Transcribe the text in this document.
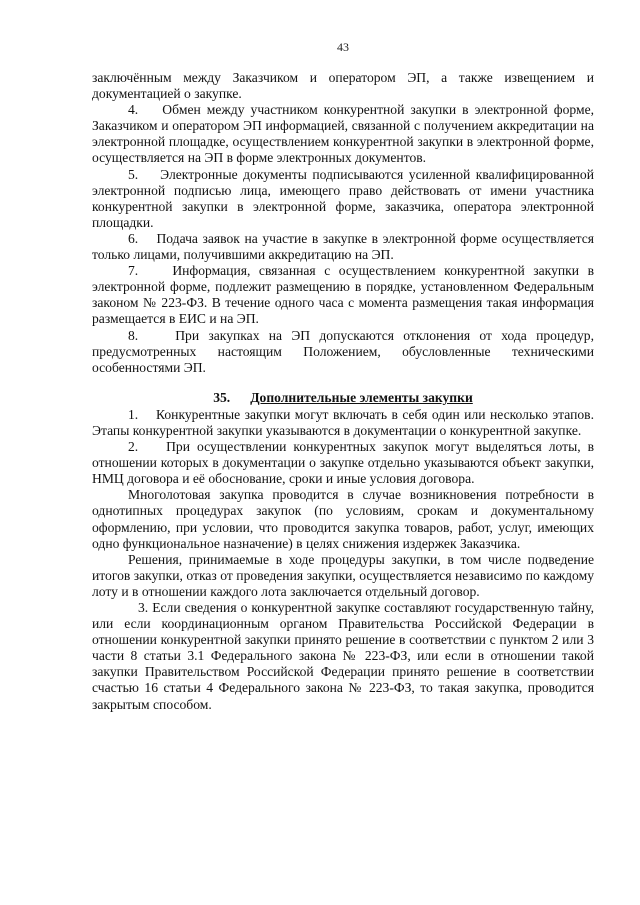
43

заключённым между Заказчиком и оператором ЭП, а также извещением и документацией о закупке.

4.    Обмен между участником конкурентной закупки в электронной форме, Заказчиком и оператором ЭП информацией, связанной с получением аккредитации на электронной площадке, осуществлением конкурентной закупки в электронной форме, осуществляется на ЭП в форме электронных документов.

5.    Электронные документы подписываются усиленной квалифицированной электронной подписью лица, имеющего право действовать от имени участника конкурентной закупки в электронной форме, заказчика, оператора электронной площадки.

6.    Подача заявок на участие в закупке в электронной форме осуществляется только лицами, получившими аккредитацию на ЭП.

7.    Информация, связанная с осуществлением конкурентной закупки в электронной форме, подлежит размещению в порядке, установленном Федеральным законом № 223-ФЗ. В течение одного часа с момента размещения такая информация размещается в ЕИС и на ЭП.

8.    При закупках на ЭП допускаются отклонения от хода процедур, предусмотренных настоящим Положением, обусловленные техническими особенностями ЭП.

35. Дополнительные элементы закупки

1.    Конкурентные закупки могут включать в себя один или несколько этапов. Этапы конкурентной закупки указываются в документации о конкурентной закупке.

2.    При осуществлении конкурентных закупок могут выделяться лоты, в отношении которых в документации о закупке отдельно указываются объект закупки, НМЦ договора и её обоснование, сроки и иные условия договора.

Многолотовая закупка проводится в случае возникновения потребности в однотипных процедурах закупок (по условиям, срокам и документальному оформлению, при условии, что проводится закупка товаров, работ, услуг, имеющих одно функциональное назначение) в целях снижения издержек Заказчика.

Решения, принимаемые в ходе процедуры закупки, в том числе подведение итогов закупки, отказ от проведения закупки, осуществляется независимо по каждому лоту и в отношении каждого лота заключается отдельный договор.

3. Если сведения о конкурентной закупке составляют государственную тайну, или если координационным органом Правительства Российской Федерации в отношении конкурентной закупки принято решение в соответствии с пунктом 2 или 3 части 8 статьи 3.1 Федерального закона № 223-ФЗ, или если в отношении такой закупки Правительством Российской Федерации принято решение в соответствии счастью 16 статьи 4 Федерального закона № 223-ФЗ, то такая закупка, проводится закрытым способом.
